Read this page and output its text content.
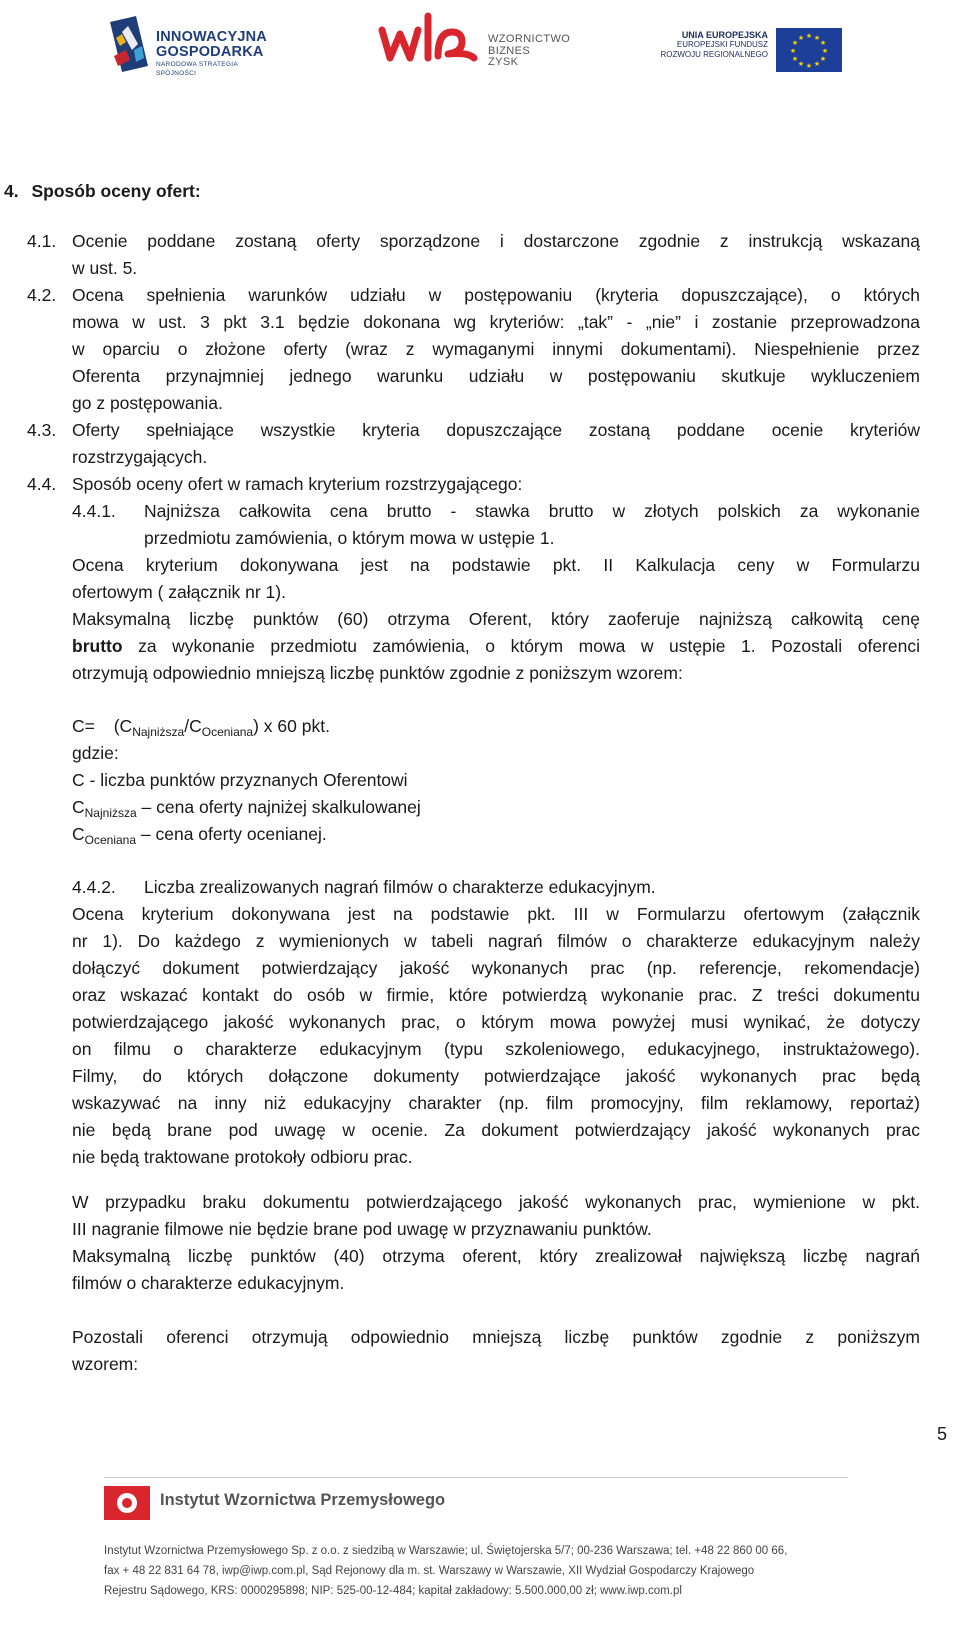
INNOWACYJNA
GOSPODARKA
NARODOWA STRATEGIA SPÓJNOŚCI
WZORNICTWO
BIZNES
ZYSK
UNIA EUROPEJSKA
EUROPEJSKI FUNDUSZ
ROZWOJU REGIONALNEGO
★ ★
★
★
★
★
★
★
★
★
★
★
4. Sposób oceny ofert:
4.1. Ocenie poddane zostaną oferty sporządzone i dostarczone zgodnie z instrukcją wskazaną
w ust. 5.
4.2. Ocena spełnienia warunków udziału w postępowaniu (kryteria dopuszczające), o których
mowa w ust. 3 pkt 3.1 będzie dokonana wg kryteriów: „tak” - „nie” i zostanie przeprowadzona
w oparciu o złożone oferty (wraz z wymaganymi innymi dokumentami). Niespełnienie przez
Oferenta przynajmniej jednego warunku udziału w postępowaniu skutkuje wykluczeniem
go z postępowania.
4.3. Oferty spełniające wszystkie kryteria dopuszczające zostaną poddane ocenie kryteriów
rozstrzygających.
4.4. Sposób oceny ofert w ramach kryterium rozstrzygającego:
4.4.1. Najniższa całkowita cena brutto - stawka brutto w złotych polskich za wykonanie
przedmiotu zamówienia, o którym mowa w ustępie 1.
Ocena kryterium dokonywana jest na podstawie pkt. II Kalkulacja ceny w Formularzu
ofertowym ( załącznik nr 1).
Maksymalną liczbę punktów (60) otrzyma Oferent, który zaoferuje najniższą całkowitą cenę
brutto za wykonanie przedmiotu zamówienia, o którym mowa w ustępie 1. Pozostali oferenci
otrzymują odpowiednio mniejszą liczbę punktów zgodnie z poniższym wzorem:
$C= (C_{Najniższa}/C_{Oceniana})$ x 60 pkt.
gdzie:
C - liczba punktów przyznanych Oferentowi
$C_{Najniższa}$ – cena oferty najniżej skalkulowanej
$C_{Oceniana}$ – cena oferty ocenianej.
4.4.2. Liczba zrealizowanych nagrań filmów o charakterze edukacyjnym.
Ocena kryterium dokonywana jest na podstawie pkt. III w Formularzu ofertowym (załącznik
nr 1). Do każdego z wymienionych w tabeli nagrań filmów o charakterze edukacyjnym należy
dołączyć dokument potwierdzający jakość wykonanych prac (np. referencje, rekomendacje)
oraz wskazać kontakt do osób w firmie, które potwierdzą wykonanie prac. Z treści dokumentu
potwierdzającego jakość wykonanych prac, o którym mowa powyżej musi wynikać, że dotyczy
on filmu o charakterze edukacyjnym (typu szkoleniowego, edukacyjnego, instruktażowego).
Filmy, do których dołączone dokumenty potwierdzające jakość wykonanych prac będą
wskazywać na inny niż edukacyjny charakter (np. film promocyjny, film reklamowy, reportaż)
nie będą brane pod uwagę w ocenie. Za dokument potwierdzający jakość wykonanych prac
nie będą traktowane protokoły odbioru prac.
W przypadku braku dokumentu potwierdzającego jakość wykonanych prac, wymienione w pkt.
III nagranie filmowe nie będzie brane pod uwagę w przyznawaniu punktów.
Maksymalną liczbę punktów (40) otrzyma oferent, który zrealizował największą liczbę nagrań
filmów o charakterze edukacyjnym.
Pozostali oferenci otrzymują odpowiednio mniejszą liczbę punktów zgodnie z poniższym
wzorem:
5
Instytut Wzornictwa Przemysłowego
Instytut Wzornictwa Przemysłowego Sp. z o.o. z siedzibą w Warszawie; ul. Świętojerska 5/7; 00-236 Warszawa; tel. +48 22 860 00 66,
fax + 48 22 831 64 78, iwp@iwp.com.pl, Sąd Rejonowy dla m. st. Warszawy w Warszawie, XII Wydział Gospodarczy Krajowego
Rejestru Sądowego, KRS: 0000295898; NIP: 525-00-12-484; kapitał zakładowy: 5.500.000,00 zł; www.iwp.com.pl
